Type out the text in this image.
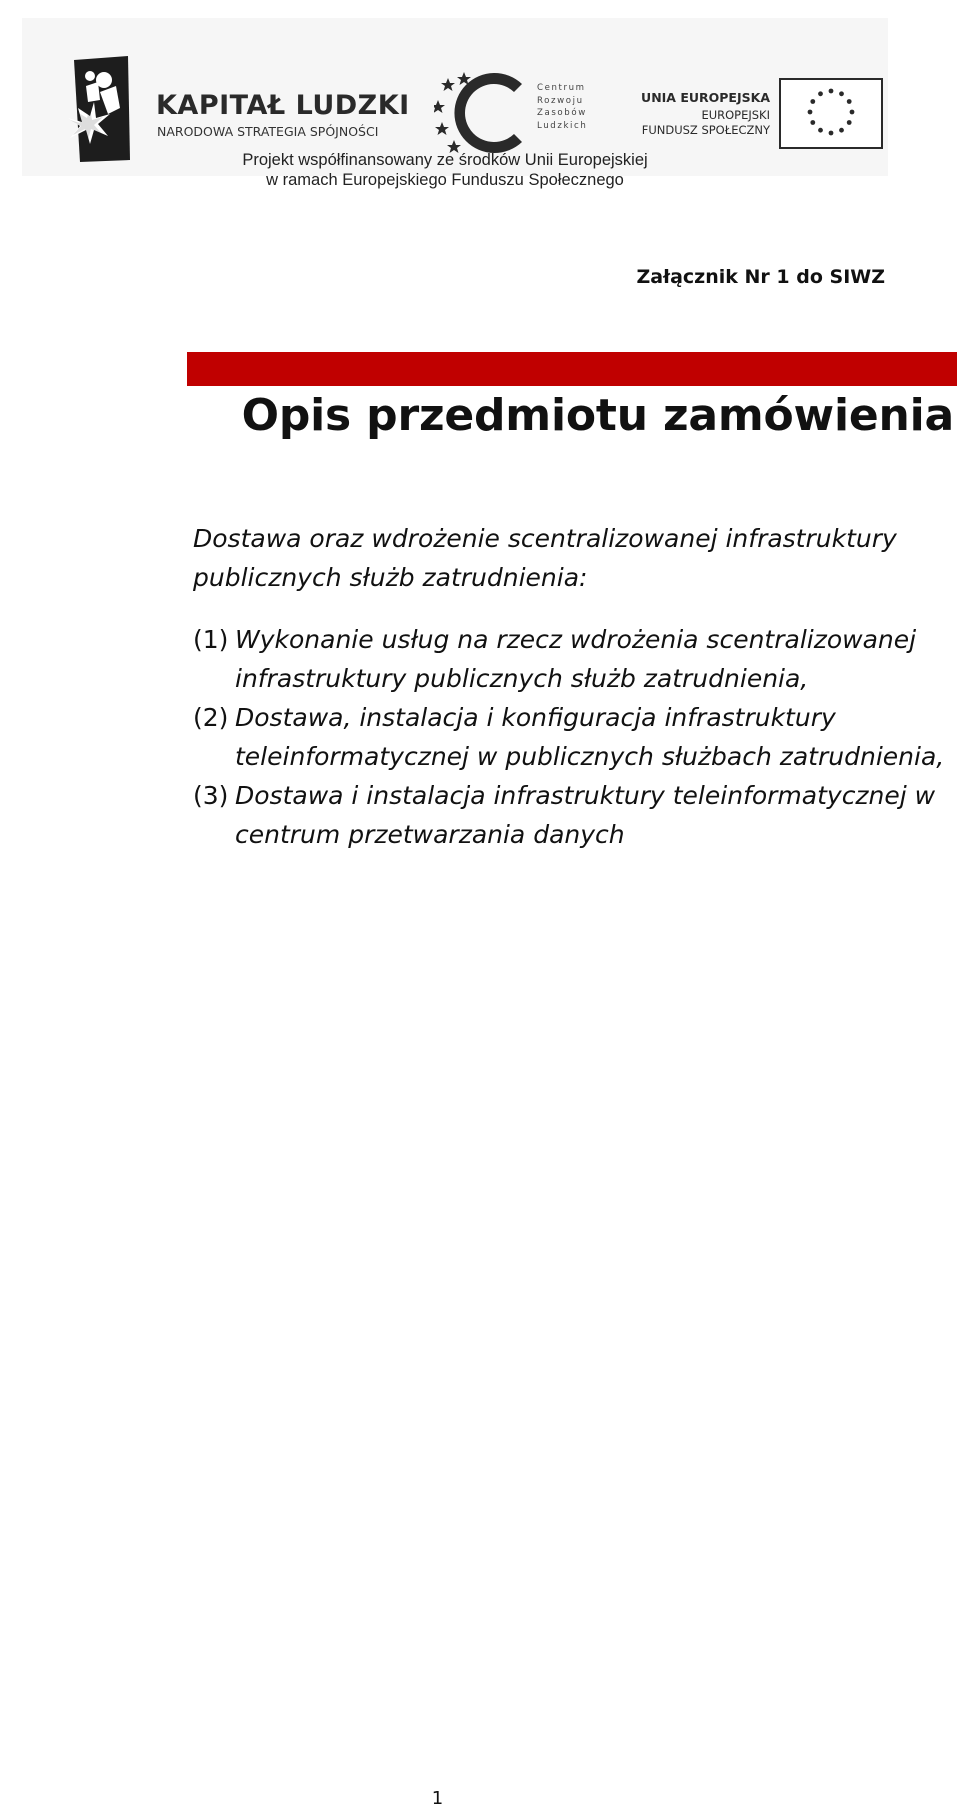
KAPITAŁ LUDZKI
NARODOWA STRATEGIA SPÓJNOŚCI
Centrum
Rozwoju
Zasobów
Ludzkich
UNIA EUROPEJSKA
EUROPEJSKI
FUNDUSZ SPOŁECZNY
Projekt współfinansowany ze środków Unii Europejskiej
w ramach Europejskiego Funduszu Społecznego
Załącznik Nr 1 do SIWZ
Opis przedmiotu zamówienia

Dostawa oraz wdrożenie scentralizowanej infrastruktury publicznych służb zatrudnienia:

(1) Wykonanie usług na rzecz wdrożenia scentralizowanej infrastruktury publicznych służb zatrudnienia,
(2) Dostawa, instalacja i konfiguracja infrastruktury teleinformatycznej w publicznych służbach zatrudnienia,
(3) Dostawa i instalacja infrastruktury teleinformatycznej w centrum przetwarzania danych
1
